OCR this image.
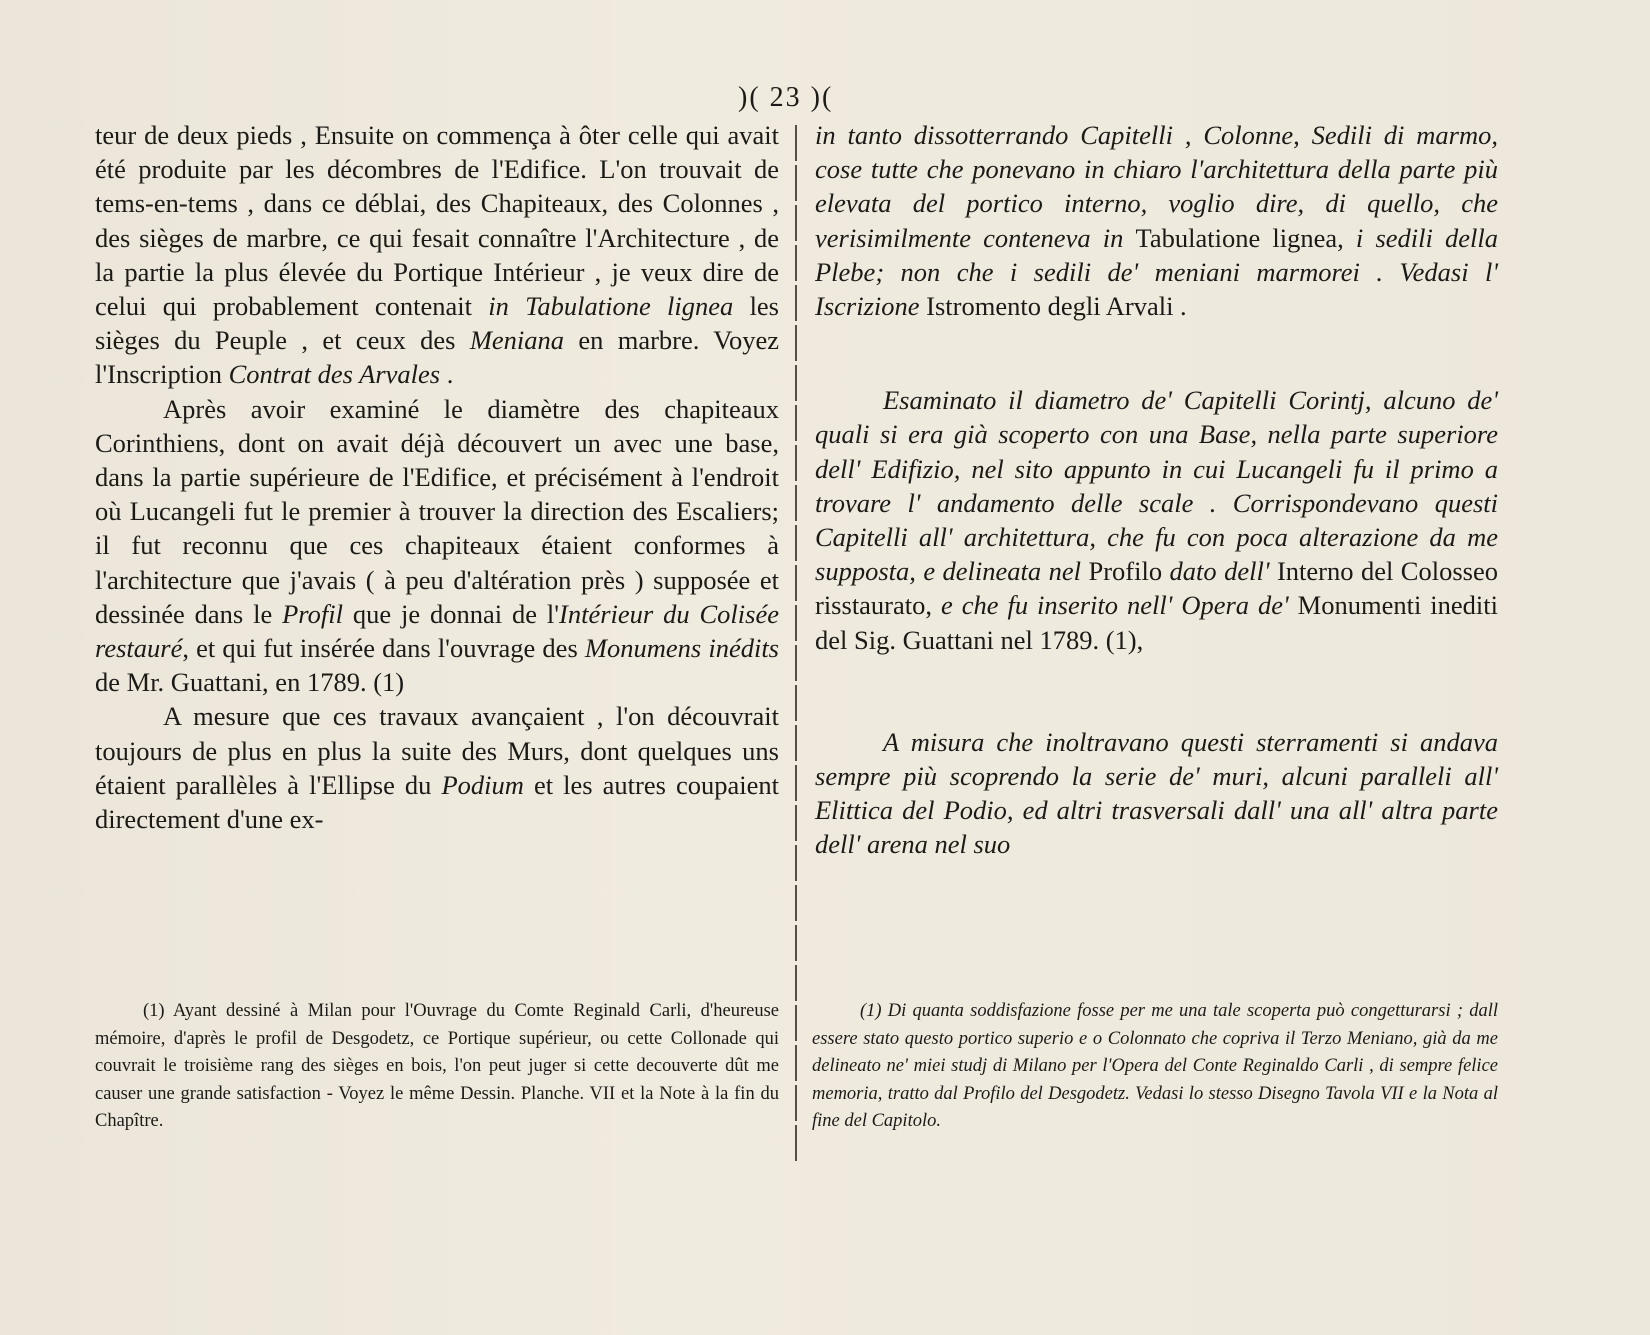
)( 23 )(

teur de deux pieds , Ensuite on commença à ôter celle qui avait été produite par les décombres de l'Edifice. L'on trouvait de tems-en-tems , dans ce déblai, des Chapiteaux, des Colonnes , des sièges de marbre, ce qui fesait connaître l'Architecture , de la partie la plus élevée du Portique Intérieur , je veux dire de celui qui probablement contenait in Tabulatione lignea les sièges du Peuple , et ceux des Meniana en marbre. Voyez l'Inscription Contrat des Arvales .

Après avoir examiné le diamètre des chapiteaux Corinthiens, dont on avait déjà découvert un avec une base, dans la partie supérieure de l'Edifice, et précisément à l'endroit où Lucangeli fut le premier à trouver la direction des Escaliers; il fut reconnu que ces chapiteaux étaient conformes à l'architecture que j'avais ( à peu d'altération près ) supposée et dessinée dans le Profil que je donnai de l'Intérieur du Colisée restauré, et qui fut insérée dans l'ouvrage des Monumens inédits de Mr. Guattani, en 1789. (1)

A mesure que ces travaux avançaient , l'on découvrait toujours de plus en plus la suite des Murs, dont quelques uns étaient parallèles à l'Ellipse du Podium et les autres coupaient directement d'une ex-

in tanto dissotterrando Capitelli , Colonne, Sedili di marmo, cose tutte che ponevano in chiaro l'architettura della parte più elevata del portico interno, voglio dire, di quello, che verisimilmente conteneva in Tabulatione lignea, i sedili della Plebe; non che i sedili de' meniani marmorei . Vedasi l' Iscrizione Istromento degli Arvali .

Esaminato il diametro de' Capitelli Corintj, alcuno de' quali si era già scoperto con una Base, nella parte superiore dell' Edifizio, nel sito appunto in cui Lucangeli fu il primo a trovare l' andamento delle scale . Corrispondevano questi Capitelli all' architettura, che fu con poca alterazione da me supposta, e delineata nel Profilo dato dell' Interno del Colosseo risstaurato, e che fu inserito nell' Opera de' Monumenti inediti del Sig. Guattani nel 1789. (1),

A misura che inoltravano questi sterramenti si andava sempre più scoprendo la serie de' muri, alcuni paralleli all' Elittica del Podio, ed altri trasversali dall' una all' altra parte dell' arena nel suo

(1) Ayant dessiné à Milan pour l'Ouvrage du Comte Reginald Carli, d'heureuse mémoire, d'après le profil de Desgodetz, ce Portique supérieur, ou cette Collonade qui couvrait le troisième rang des sièges en bois, l'on peut juger si cette decouverte dût me causer une grande satisfaction - Voyez le même Dessin. Planche. VII et la Note à la fin du Chapître.

(1) Di quanta soddisfazione fosse per me una tale scoperta può congetturarsi ; dall essere stato questo portico superio e o Colonnato che copriva il Terzo Meniano, già da me delineato ne' miei studj di Milano per l'Opera del Conte Reginaldo Carli , di sempre felice memoria, tratto dal Profilo del Desgodetz. Vedasi lo stesso Disegno Tavola VII e la Nota al fine del Capitolo.
